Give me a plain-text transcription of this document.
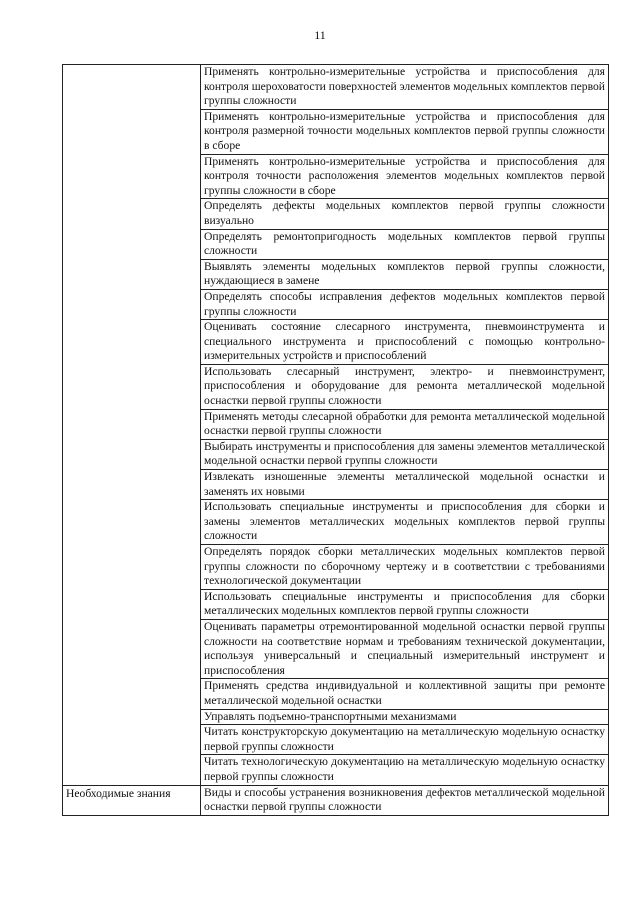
11
	Применять контрольно-измерительные устройства и приспособления для контроля шероховатости поверхностей элементов модельных комплектов первой группы сложности
	Применять контрольно-измерительные устройства и приспособления для контроля размерной точности модельных комплектов первой группы сложности в сборе
	Применять контрольно-измерительные устройства и приспособления для контроля точности расположения элементов модельных комплектов первой группы сложности в сборе
	Определять дефекты модельных комплектов первой группы сложности визуально
	Определять ремонтопригодность модельных комплектов первой группы сложности
	Выявлять элементы модельных комплектов первой группы сложности, нуждающиеся в замене
	Определять способы исправления дефектов модельных комплектов первой группы сложности
	Оценивать состояние слесарного инструмента, пневмоинструмента и специального инструмента и приспособлений с помощью контрольно-измерительных устройств и приспособлений
	Использовать слесарный инструмент, электро- и пневмоинструмент, приспособления и оборудование для ремонта металлической модельной оснастки первой группы сложности
	Применять методы слесарной обработки для ремонта металлической модельной оснастки первой группы сложности
	Выбирать инструменты и приспособления для замены элементов металлической модельной оснастки первой группы сложности
	Извлекать изношенные элементы металлической модельной оснастки и заменять их новыми
	Использовать специальные инструменты и приспособления для сборки и замены элементов металлических модельных комплектов первой группы сложности
	Определять порядок сборки металлических модельных комплектов первой группы сложности по сборочному чертежу и в соответствии с требованиями технологической документации
	Использовать специальные инструменты и приспособления для сборки металлических модельных комплектов первой группы сложности
	Оценивать параметры отремонтированной модельной оснастки первой группы сложности на соответствие нормам и требованиям технической документации, используя универсальный и специальный измерительный инструмент и приспособления
	Применять средства индивидуальной и коллективной защиты при ремонте металлической модельной оснастки
	Управлять подъемно-транспортными механизмами
	Читать конструкторскую документацию на металлическую модельную оснастку первой группы сложности
	Читать технологическую документацию на металлическую модельную оснастку первой группы сложности
Необходимые знания	Виды и способы устранения возникновения дефектов металлической модельной оснастки первой группы сложности
